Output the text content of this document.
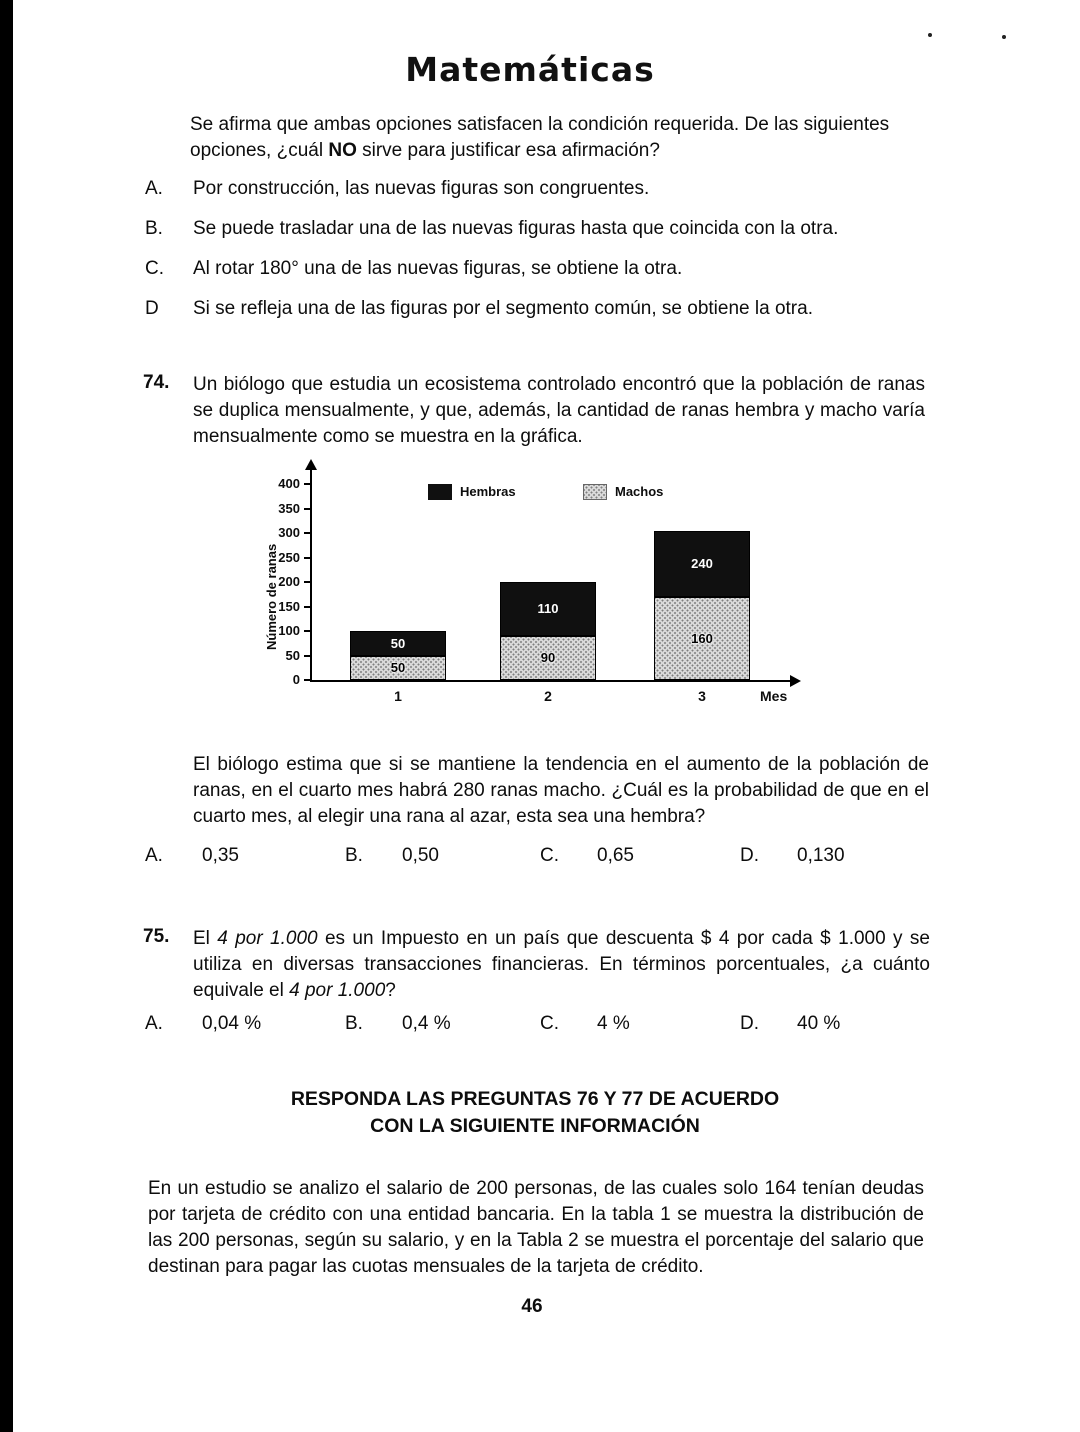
Matemáticas

Se afirma que ambas opciones satisfacen la condición requerida. De las siguientes opciones, ¿cuál NO sirve para justificar esa afirmación?

A. Por construcción, las nuevas figuras son congruentes.
B. Se puede trasladar una de las nuevas figuras hasta que coincida con la otra.
C. Al rotar 180° una de las nuevas figuras, se obtiene la otra.
D Si se refleja una de las figuras por el segmento común, se obtiene la otra.
74. Un biólogo que estudia un ecosistema controlado encontró que la población de ranas se duplica mensualmente, y que, además, la cantidad de ranas hembra y macho varía mensualmente como se muestra en la gráfica.

Número de ranas
Hembras	Machos
Mes
0
50
100
150
200
250
300
350
400
50
50
1
90
110
2
160
240
3

El biólogo estima que si se mantiene la tendencia en el aumento de la población de ranas, en el cuarto mes habrá 280 ranas macho. ¿Cuál es la probabilidad de que en el cuarto mes, al elegir una rana al azar, esta sea una hembra?

A. 0,35	B. 0,50	C. 0,65	D. 0,130
75. El 4 por 1.000 es un Impuesto en un país que descuenta $ 4 por cada $ 1.000 y se utiliza en diversas transacciones financieras. En términos porcentuales, ¿a cuánto equivale el 4 por 1.000?

A. 0,04 %	B. 0,4 %	C. 4 %	D. 40 %
RESPONDA LAS PREGUNTAS 76 Y 77 DE ACUERDO
CON LA SIGUIENTE INFORMACIÓN

En un estudio se analizo el salario de 200 personas, de las cuales solo 164 tenían deudas por tarjeta de crédito con una entidad bancaria. En la tabla 1 se muestra la distribución de las 200 personas, según su salario, y en la Tabla 2 se muestra el porcentaje del salario que destinan para pagar las cuotas mensuales de la tarjeta de crédito.

46
